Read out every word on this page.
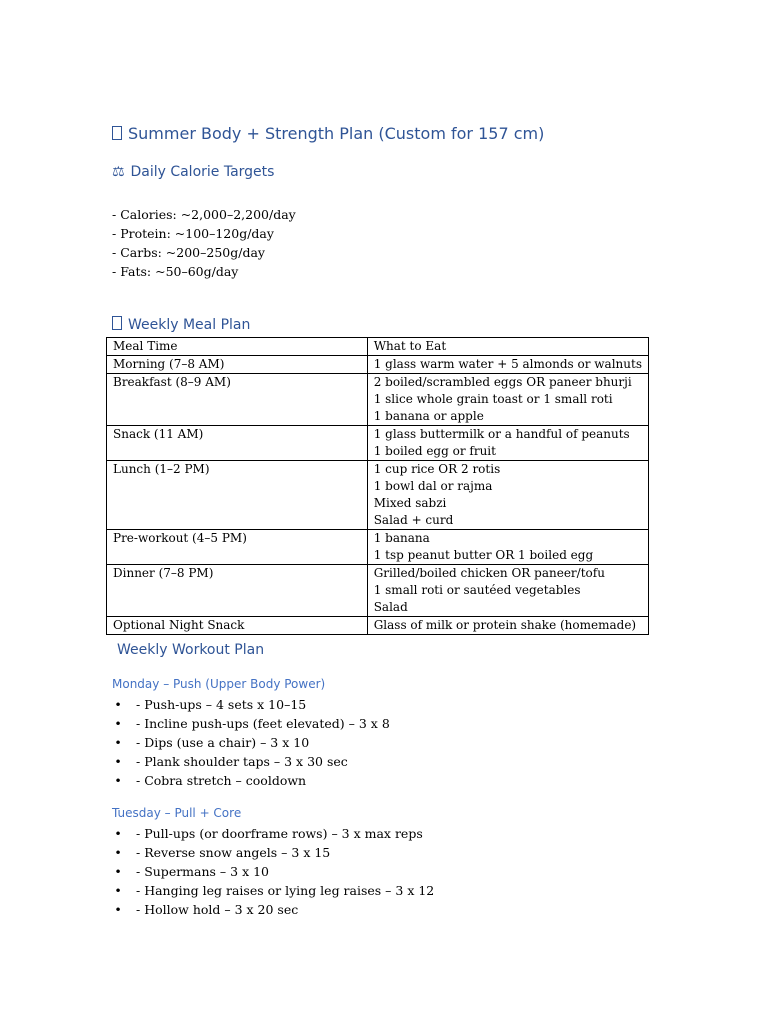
Summer Body + Strength Plan (Custom for 157 cm)
⚖ Daily Calorie Targets
- Calories: ~2,000–2,200/day
- Protein: ~100–120g/day
- Carbs: ~200–250g/day
- Fats: ~50–60g/day
Weekly Meal Plan
Meal Time	What to Eat
Morning (7–8 AM)	1 glass warm water + 5 almonds or walnuts

Breakfast (8–9 AM)	2 boiled/scrambled eggs OR paneer bhurji
1 slice whole grain toast or 1 small roti
1 banana or apple

Snack (11 AM)	1 glass buttermilk or a handful of peanuts
1 boiled egg or fruit

Lunch (1–2 PM)	1 cup rice OR 2 rotis
1 bowl dal or rajma
Mixed sabzi
Salad + curd

Pre-workout (4–5 PM)	1 banana
1 tsp peanut butter OR 1 boiled egg

Dinner (7–8 PM)	Grilled/boiled chicken OR paneer/tofu
1 small roti or sautéed vegetables
Salad

Optional Night Snack	Glass of milk or protein shake (homemade)
Weekly Workout Plan
Monday – Push (Upper Body Power)
• - Push-ups – 4 sets x 10–15
• - Incline push-ups (feet elevated) – 3 x 8
• - Dips (use a chair) – 3 x 10
• - Plank shoulder taps – 3 x 30 sec
• - Cobra stretch – cooldown
Tuesday – Pull + Core
• - Pull-ups (or doorframe rows) – 3 x max reps
• - Reverse snow angels – 3 x 15
• - Supermans – 3 x 10
• - Hanging leg raises or lying leg raises – 3 x 12
• - Hollow hold – 3 x 20 sec
